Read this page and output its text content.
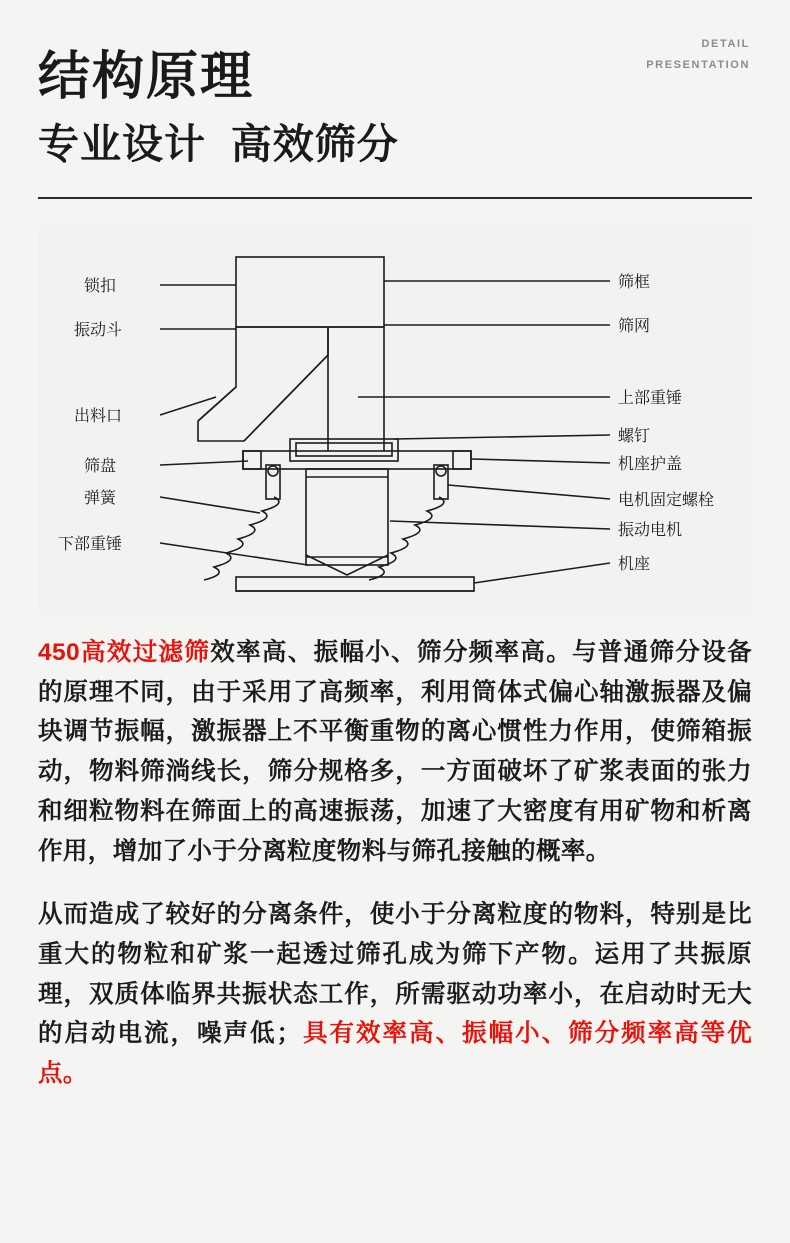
DETAIL
PRESENTATION
结构原理
专业设计  高效筛分
锁扣
振动斗
出料口
筛盘
弹簧
下部重锤
筛框
筛网
上部重锤
螺钉
机座护盖
电机固定螺栓
振动电机
机座

450高效过滤筛效率高、振幅小、筛分频率高。与普通筛分设备的原理不同，由于采用了高频率，利用筒体式偏心轴激振器及偏块调节振幅，激振器上不平衡重物的离心惯性力作用，使筛箱振动，物料筛淌线长，筛分规格多，一方面破坏了矿浆表面的张力和细粒物料在筛面上的高速振荡，加速了大密度有用矿物和析离作用，增加了小于分离粒度物料与筛孔接触的概率。

从而造成了较好的分离条件，使小于分离粒度的物料，特别是比重大的物粒和矿浆一起透过筛孔成为筛下产物。运用了共振原理，双质体临界共振状态工作，所需驱动功率小，在启动时无大的启动电流，噪声低；具有效率高、振幅小、筛分频率高等优点。
